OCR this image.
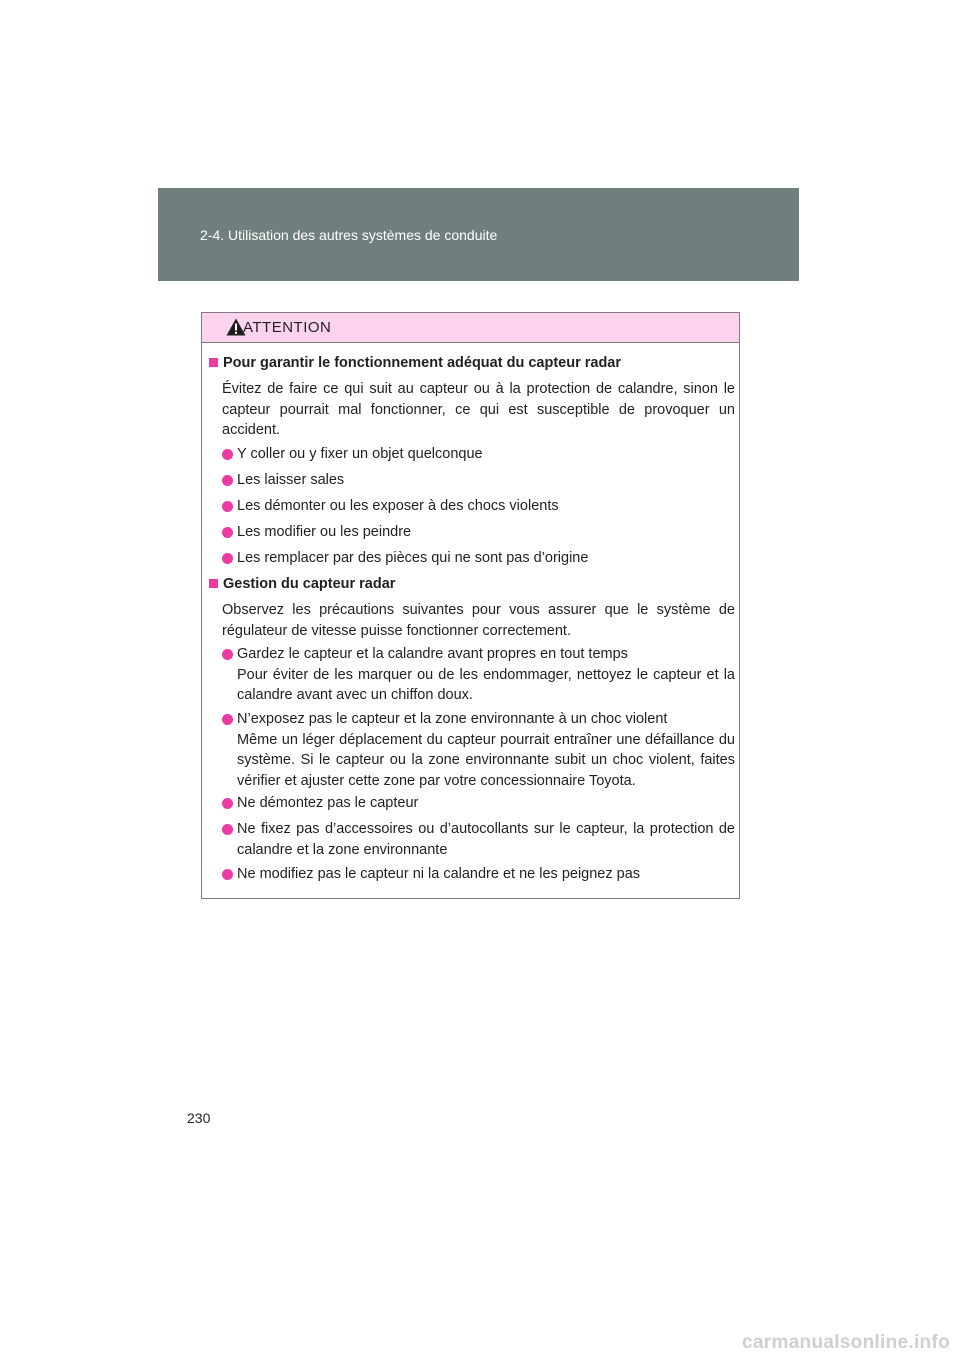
2-4. Utilisation des autres systèmes de conduite
ATTENTION
Pour garantir le fonctionnement adéquat du capteur radar
Évitez de faire ce qui suit au capteur ou à la protection de calandre, sinon le capteur pourrait mal fonctionner, ce qui est susceptible de provoquer un accident.
Y coller ou y fixer un objet quelconque
Les laisser sales
Les démonter ou les exposer à des chocs violents
Les modifier ou les peindre
Les remplacer par des pièces qui ne sont pas d’origine
Gestion du capteur radar
Observez les précautions suivantes pour vous assurer que le système de régulateur de vitesse puisse fonctionner correctement.
Gardez le capteur et la calandre avant propres en tout temps
Pour éviter de les marquer ou de les endommager, nettoyez le capteur et la calandre avant avec un chiffon doux.
N’exposez pas le capteur et la zone environnante à un choc violent
Même un léger déplacement du capteur pourrait entraîner une défaillance du système. Si le capteur ou la zone environnante subit un choc violent, faites vérifier et ajuster cette zone par votre concessionnaire Toyota.
Ne démontez pas le capteur
Ne fixez pas d’accessoires ou d’autocollants sur le capteur, la protection de calandre et la zone environnante
Ne modifiez pas le capteur ni la calandre et ne les peignez pas
230
carmanualsonline.info
